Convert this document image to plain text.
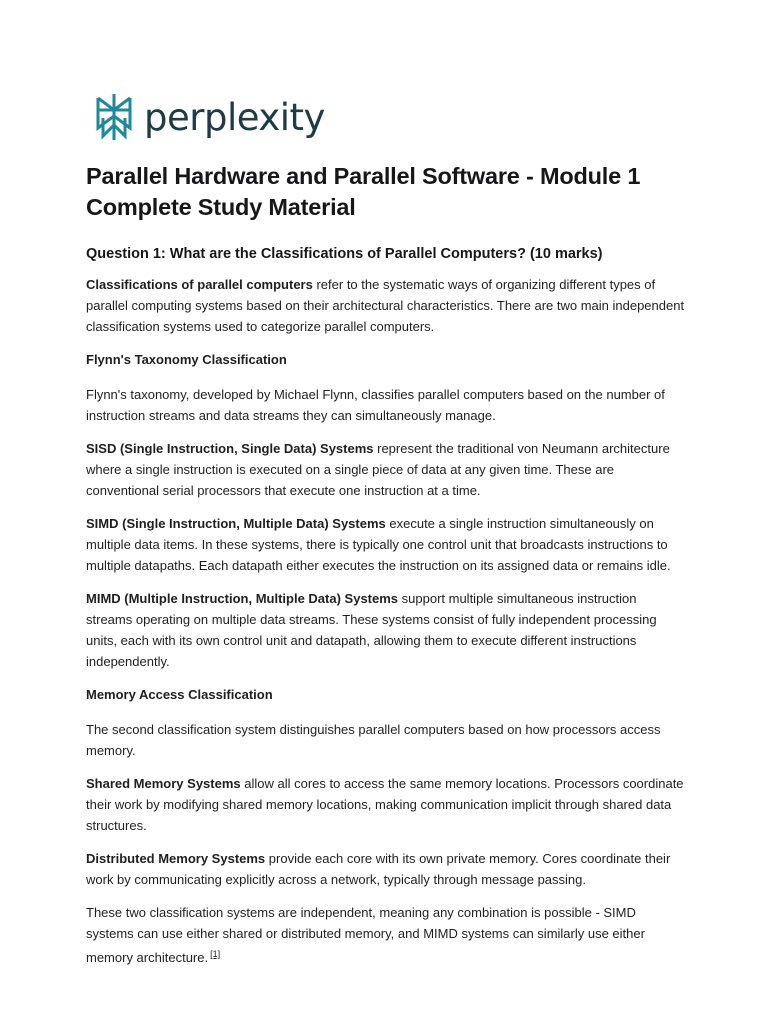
perplexity
Parallel Hardware and Parallel Software - Module 1 Complete Study Material
Question 1: What are the Classifications of Parallel Computers? (10 marks)

Classifications of parallel computers refer to the systematic ways of organizing different types of parallel computing systems based on their architectural characteristics. There are two main independent classification systems used to categorize parallel computers.

Flynn's Taxonomy Classification

Flynn's taxonomy, developed by Michael Flynn, classifies parallel computers based on the number of instruction streams and data streams they can simultaneously manage.

SISD (Single Instruction, Single Data) Systems represent the traditional von Neumann architecture where a single instruction is executed on a single piece of data at any given time. These are conventional serial processors that execute one instruction at a time.

SIMD (Single Instruction, Multiple Data) Systems execute a single instruction simultaneously on multiple data items. In these systems, there is typically one control unit that broadcasts instructions to multiple datapaths. Each datapath either executes the instruction on its assigned data or remains idle.

MIMD (Multiple Instruction, Multiple Data) Systems support multiple simultaneous instruction streams operating on multiple data streams. These systems consist of fully independent processing units, each with its own control unit and datapath, allowing them to execute different instructions independently.

Memory Access Classification

The second classification system distinguishes parallel computers based on how processors access memory.

Shared Memory Systems allow all cores to access the same memory locations. Processors coordinate their work by modifying shared memory locations, making communication implicit through shared data structures.

Distributed Memory Systems provide each core with its own private memory. Cores coordinate their work by communicating explicitly across a network, typically through message passing.

These two classification systems are independent, meaning any combination is possible - SIMD systems can use either shared or distributed memory, and MIMD systems can similarly use either memory architecture. [1]
